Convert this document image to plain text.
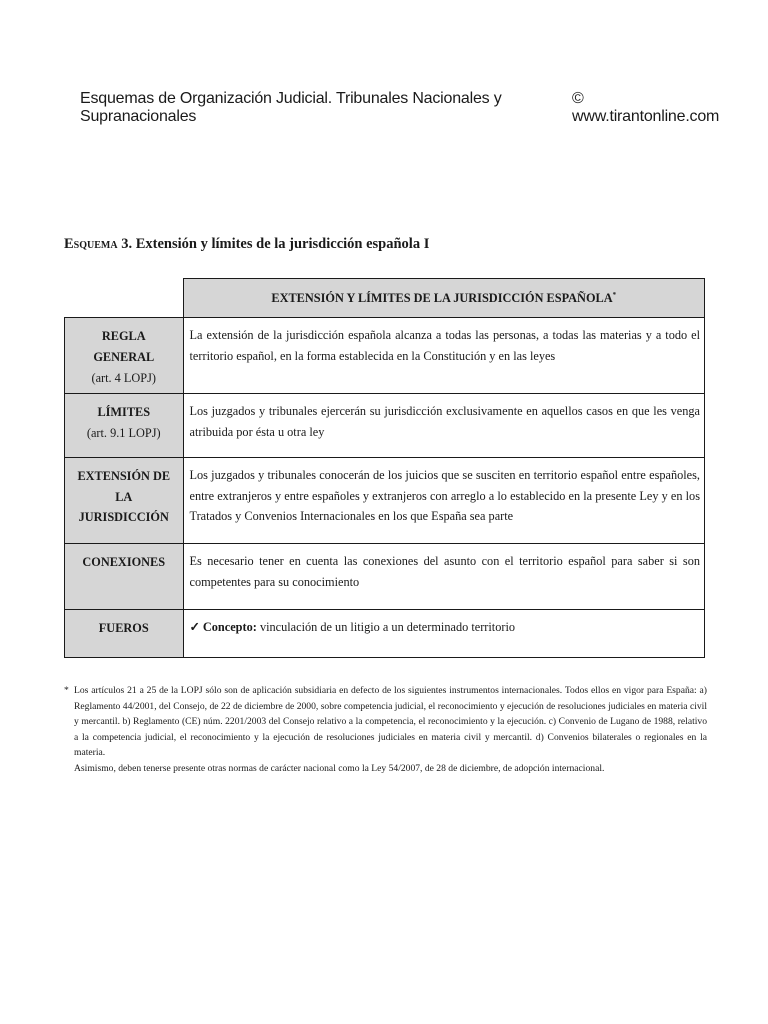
Esquemas de Organización Judicial. Tribunales Nacionales y Supranacionales
© www.tirantonline.com
Esquema 3. Extensión y límites de la jurisdicción española I
	EXTENSIÓN Y LÍMITES DE LA JURISDICCIÓN ESPAÑOLA*

REGLA GENERAL
(art. 4 LOPJ)	La extensión de la jurisdicción española alcanza a todas las personas, a todas las materias y a todo el territorio español, en la forma establecida en la Constitución y en las leyes

LÍMITES
(art. 9.1 LOPJ)	Los juzgados y tribunales ejercerán su jurisdicción exclusivamente en aquellos casos en que les venga atribuida por ésta u otra ley

EXTENSIÓN DE LA JURISDICCIÓN	Los juzgados y tribunales conocerán de los juicios que se susciten en territorio español entre españoles, entre extranjeros y entre españoles y extranjeros con arreglo a lo establecido en la presente Ley y en los Tratados y Convenios Internacionales en los que España sea parte

CONEXIONES	Es necesario tener en cuenta las conexiones del asunto con el territorio español para saber si son competentes para su conocimiento

FUEROS	✓ Concepto: vinculación de un litigio a un determinado territorio
* Los artículos 21 a 25 de la LOPJ sólo son de aplicación subsidiaria en defecto de los siguientes instrumentos internacionales. Todos ellos en vigor para España: a) Reglamento 44/2001, del Consejo, de 22 de diciembre de 2000, sobre competencia judicial, el reconocimiento y ejecución de resoluciones judiciales en materia civil y mercantil. b) Reglamento (CE) núm. 2201/2003 del Consejo relativo a la competencia, el reconocimiento y la ejecución. c) Convenio de Lugano de 1988, relativo a la competencia judicial, el reconocimiento y la ejecución de resoluciones judiciales en materia civil y mercantil. d) Convenios bilaterales o regionales en la materia.

Asimismo, deben tenerse presente otras normas de carácter nacional como la Ley 54/2007, de 28 de diciembre, de adopción internacional.
